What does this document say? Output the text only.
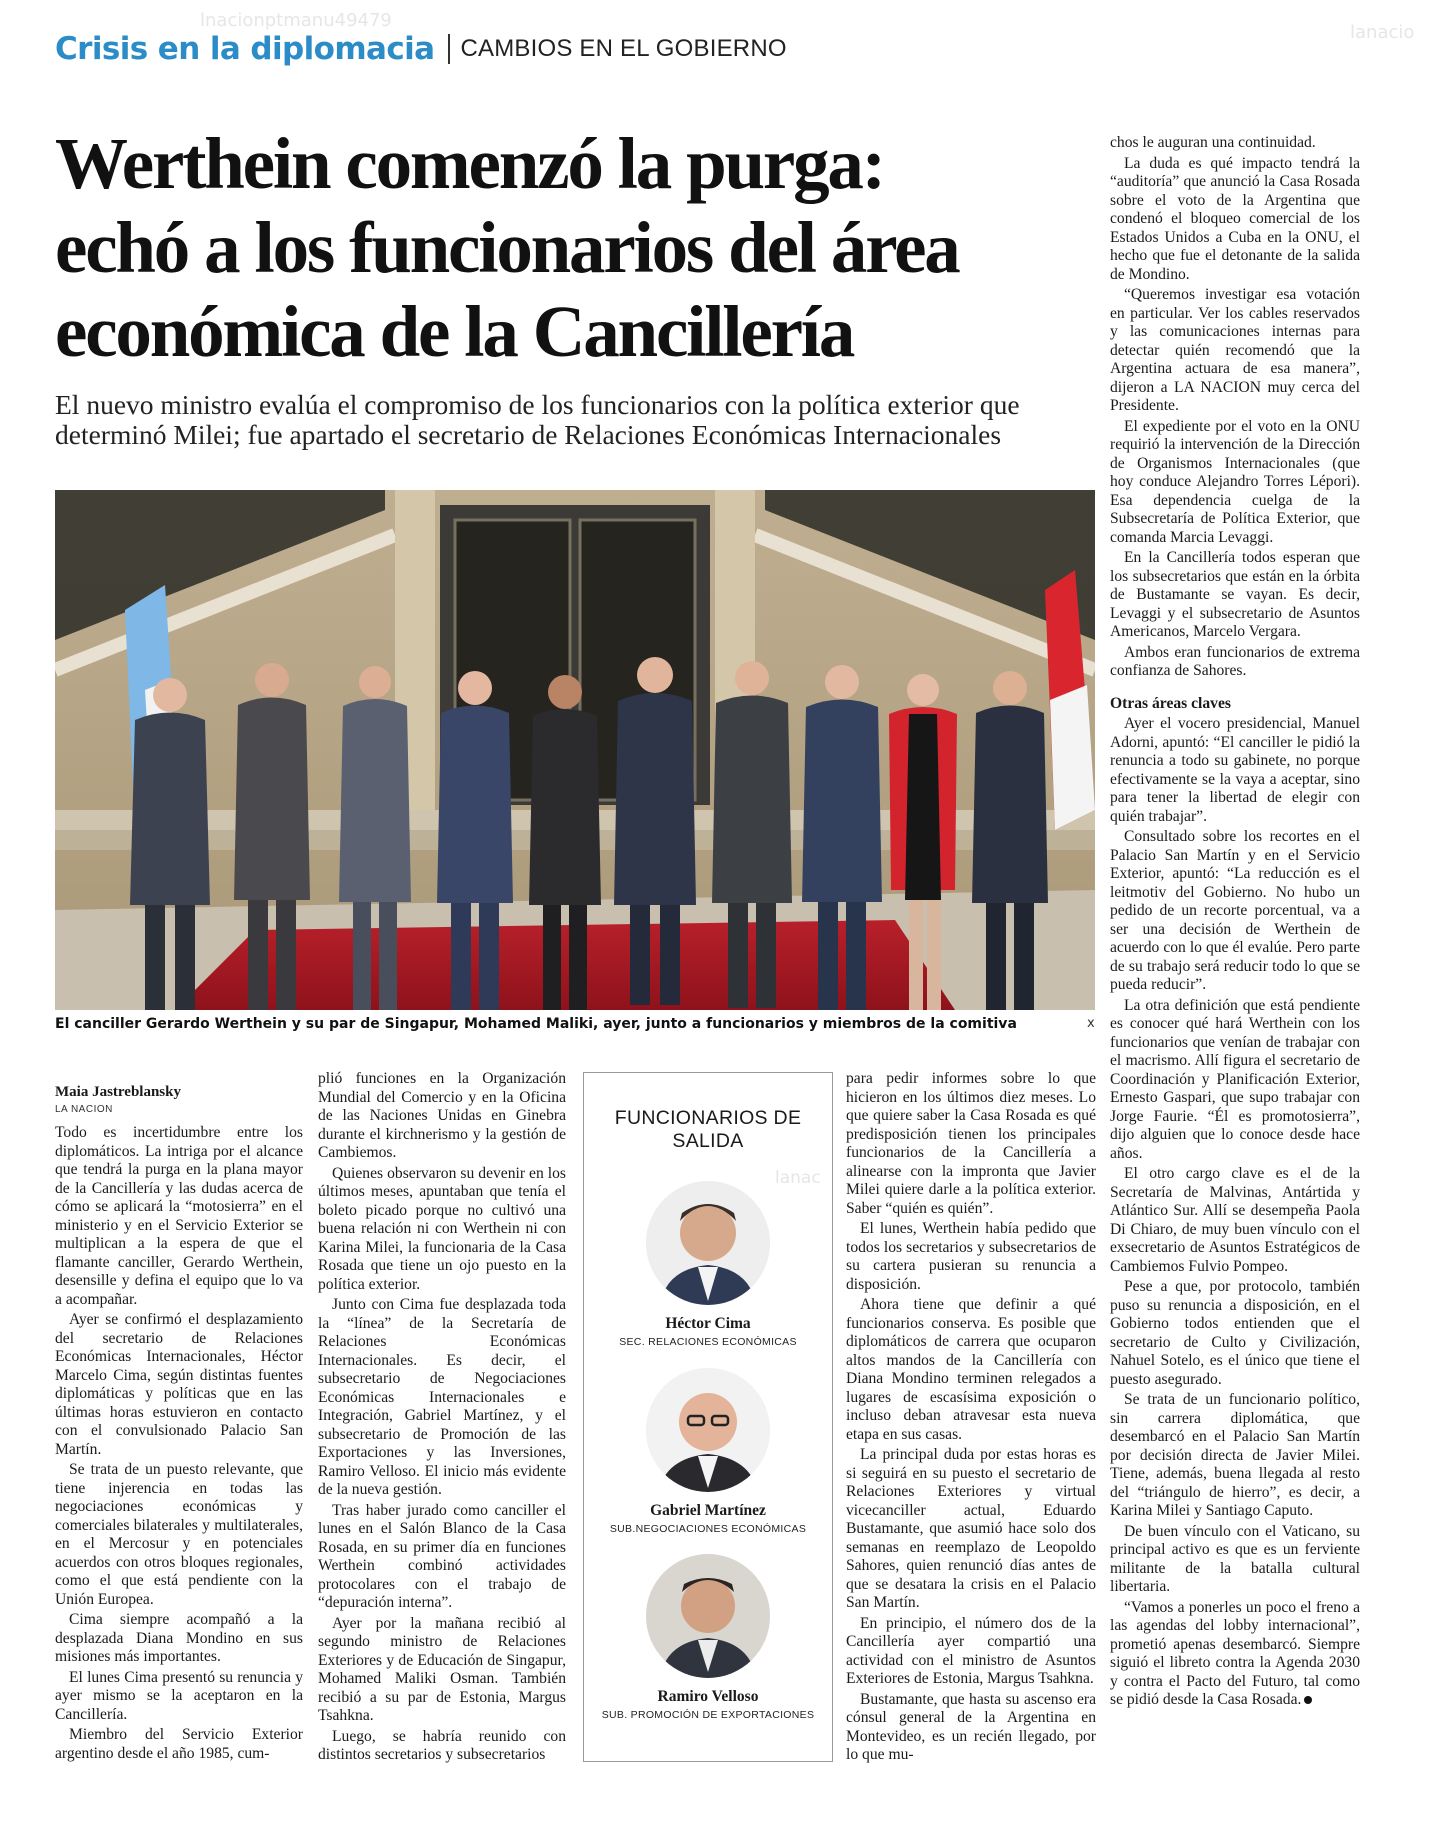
lnacionptmanu49479
lanacio
lanac
Crisis en la diplomacia CAMBIOS EN EL GOBIERNO
Werthein comenzó la purga:
echó a los funcionarios del área
económica de la Cancillería
El nuevo ministro evalúa el compromiso de los funcionarios con la política exterior que determinó Milei; fue apartado el secretario de Relaciones Económicas Internacionales
El canciller Gerardo Werthein y su par de Singapur, Mohamed Maliki, ayer, junto a funcionarios y miembros de la comitiva	x
Maia Jastreblansky
LA NACION

Todo es incertidumbre entre los diplomáticos. La intriga por el alcance que tendrá la purga en la plana mayor de la Cancillería y las dudas acerca de cómo se aplicará la “motosierra” en el ministerio y en el Servicio Exterior se multiplican a la espera de que el flamante canciller, Gerardo Werthein, desensille y defina el equipo que lo va a acompañar.

Ayer se confirmó el desplazamiento del secretario de Relaciones Económicas Internacionales, Héctor Marcelo Cima, según distintas fuentes diplomáticas y políticas que en las últimas horas estuvieron en contacto con el convulsionado Palacio San Martín.

Se trata de un puesto relevante, que tiene injerencia en todas las negociaciones económicas y comerciales bilaterales y multilaterales, en el Mercosur y en potenciales acuerdos con otros bloques regionales, como el que está pendiente con la Unión Europea.

Cima siempre acompañó a la desplazada Diana Mondino en sus misiones más importantes.

El lunes Cima presentó su renuncia y ayer mismo se la aceptaron en la Cancillería.

Miembro del Servicio Exterior argentino desde el año 1985, cum-

plió funciones en la Organización Mundial del Comercio y en la Oficina de las Naciones Unidas en Ginebra durante el kirchnerismo y la gestión de Cambiemos.

Quienes observaron su devenir en los últimos meses, apuntaban que tenía el boleto picado porque no cultivó una buena relación ni con Werthein ni con Karina Milei, la funcionaria de la Casa Rosada que tiene un ojo puesto en la política exterior.

Junto con Cima fue desplazada toda la “línea” de la Secretaría de Relaciones Económicas Internacionales. Es decir, el subsecretario de Negociaciones Económicas Internacionales e Integración, Gabriel Martínez, y el subsecretario de Promoción de las Exportaciones y las Inversiones, Ramiro Velloso. El inicio más evidente de la nueva gestión.

Tras haber jurado como canciller el lunes en el Salón Blanco de la Casa Rosada, en su primer día en funciones Werthein combinó actividades protocolares con el trabajo de “depuración interna”.

Ayer por la mañana recibió al segundo ministro de Relaciones Exteriores y de Educación de Singapur, Mohamed Maliki Osman. También recibió a su par de Estonia, Margus Tsahkna.

Luego, se habría reunido con distintos secretarios y subsecretarios

FUNCIONARIOS DE SALIDA
Héctor Cima
SEC. RELACIONES ECONÓMICAS
Gabriel Martínez
SUB.NEGOCIACIONES ECONÓMICAS
Ramiro Velloso
SUB. PROMOCIÓN DE EXPORTACIONES

para pedir informes sobre lo que hicieron en los últimos diez meses. Lo que quiere saber la Casa Rosada es qué predisposición tienen los principales funcionarios de la Cancillería a alinearse con la impronta que Javier Milei quiere darle a la política exterior. Saber “quién es quién”.

El lunes, Werthein había pedido que todos los secretarios y subsecretarios de su cartera pusieran su renuncia a disposición.

Ahora tiene que definir a qué funcionarios conserva. Es posible que diplomáticos de carrera que ocuparon altos mandos de la Cancillería con Diana Mondino terminen relegados a lugares de escasísima exposición o incluso deban atravesar esta nueva etapa en sus casas.

La principal duda por estas horas es si seguirá en su puesto el secretario de Relaciones Exteriores y virtual vicecanciller actual, Eduardo Bustamante, que asumió hace solo dos semanas en reemplazo de Leopoldo Sahores, quien renunció días antes de que se desatara la crisis en el Palacio San Martín.

En principio, el número dos de la Cancillería ayer compartió una actividad con el ministro de Asuntos Exteriores de Estonia, Margus Tsahkna.

Bustamante, que hasta su ascenso era cónsul general de la Argentina en Montevideo, es un recién llegado, por lo que mu-

chos le auguran una continuidad.

La duda es qué impacto tendrá la “auditoría” que anunció la Casa Rosada sobre el voto de la Argentina que condenó el bloqueo comercial de los Estados Unidos a Cuba en la ONU, el hecho que fue el detonante de la salida de Mondino.

“Queremos investigar esa votación en particular. Ver los cables reservados y las comunicaciones internas para detectar quién recomendó que la Argentina actuara de esa manera”, dijeron a LA NACION muy cerca del Presidente.

El expediente por el voto en la ONU requirió la intervención de la Dirección de Organismos Internacionales (que hoy conduce Alejandro Torres Lépori). Esa dependencia cuelga de la Subsecretaría de Política Exterior, que comanda Marcia Levaggi.

En la Cancillería todos esperan que los subsecretarios que están en la órbita de Bustamante se vayan. Es decir, Levaggi y el subsecretario de Asuntos Americanos, Marcelo Vergara.

Ambos eran funcionarios de extrema confianza de Sahores.

Otras áreas claves

Ayer el vocero presidencial, Manuel Adorni, apuntó: “El canciller le pidió la renuncia a todo su gabinete, no porque efectivamente se la vaya a aceptar, sino para tener la libertad de elegir con quién trabajar”.

Consultado sobre los recortes en el Palacio San Martín y en el Servicio Exterior, apuntó: “La reducción es el leitmotiv del Gobierno. No hubo un pedido de un recorte porcentual, va a ser una decisión de Werthein de acuerdo con lo que él evalúe. Pero parte de su trabajo será reducir todo lo que se pueda reducir”.

La otra definición que está pendiente es conocer qué hará Werthein con los funcionarios que venían de trabajar con el macrismo. Allí figura el secretario de Coordinación y Planificación Exterior, Ernesto Gaspari, que supo trabajar con Jorge Faurie. “Él es promotosierra”, dijo alguien que lo conoce desde hace años.

El otro cargo clave es el de la Secretaría de Malvinas, Antártida y Atlántico Sur. Allí se desempeña Paola Di Chiaro, de muy buen vínculo con el exsecretario de Asuntos Estratégicos de Cambiemos Fulvio Pompeo.

Pese a que, por protocolo, también puso su renuncia a disposición, en el Gobierno todos entienden que el secretario de Culto y Civilización, Nahuel Sotelo, es el único que tiene el puesto asegurado.

Se trata de un funcionario político, sin carrera diplomática, que desembarcó en el Palacio San Martín por decisión directa de Javier Milei. Tiene, además, buena llegada al resto del “triángulo de hierro”, es decir, a Karina Milei y Santiago Caputo.

De buen vínculo con el Vaticano, su principal activo es que es un ferviente militante de la batalla cultural libertaria.

“Vamos a ponerles un poco el freno a las agendas del lobby internacional”, prometió apenas desembarcó. Siempre siguió el libreto contra la Agenda 2030 y contra el Pacto del Futuro, tal como se pidió desde la Casa Rosada.
